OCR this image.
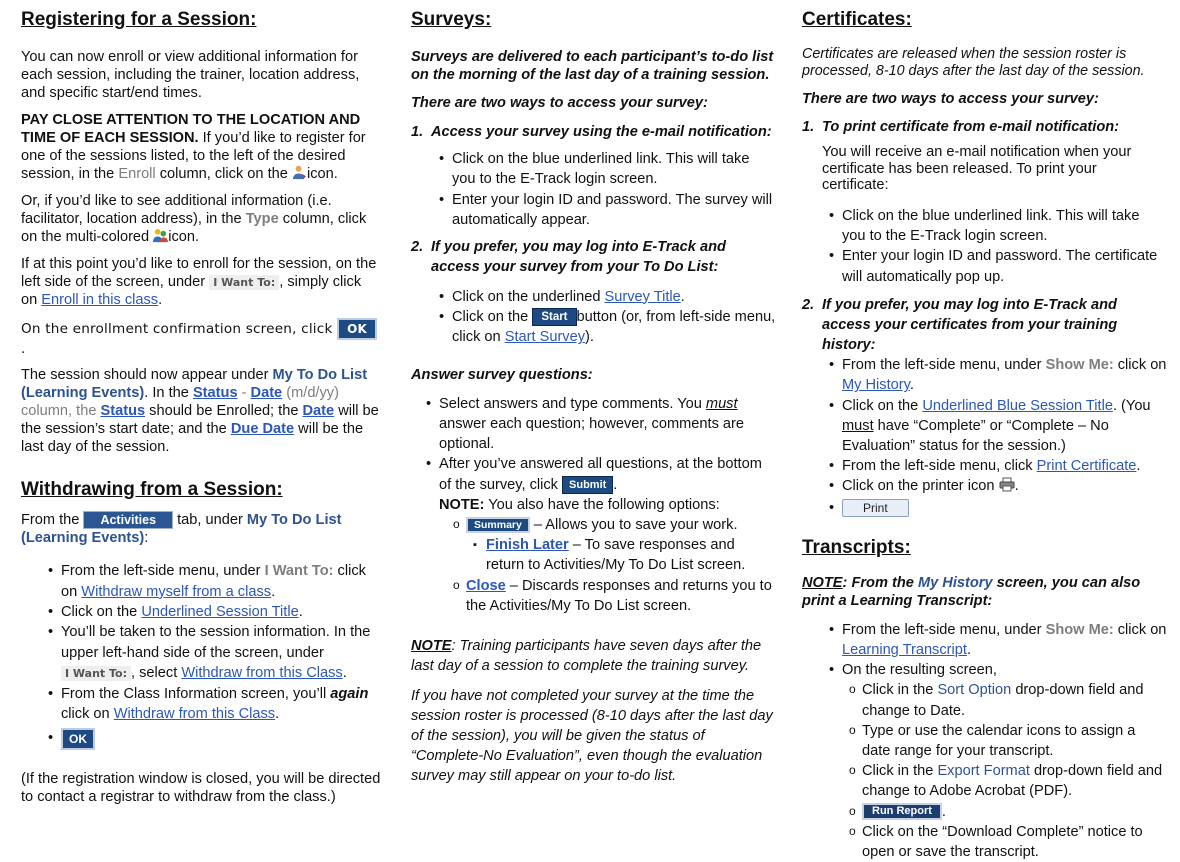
Registering for a Session:

You can now enroll or view additional information for each session, including the trainer, location address, and specific start/end times.

PAY CLOSE ATTENTION TO THE LOCATION AND TIME OF EACH SESSION. If you’d like to register for one of the sessions listed, to the left of the desired session, in the Enroll column, click on the icon.

Or, if you’d like to see additional information (i.e. facilitator, location address), in the Type column, click on the multi-colored icon.

If at this point you’d like to enroll for the session, on the left side of the screen, under I Want To: , simply click on Enroll in this class.

On the enrollment confirmation screen, click OK.

The session should now appear under My To Do List (Learning Events). In the Status - Date (m/d/yy) column, the Status should be Enrolled; the Date will be the session’s start date; and the Due Date will be the last day of the session.

Withdrawing from a Session:

From the Activities tab, under My To Do List (Learning Events):

• From the left-side menu, under I Want To: click on Withdraw myself from a class.
• Click on the Underlined Session Title.
• You’ll be taken to the session information. In the upper left-hand side of the screen, under I Want To: , select Withdraw from this Class.
• From the Class Information screen, you’ll again click on Withdraw from this Class.
• OK

(If the registration window is closed, you will be directed to contact a registrar to withdraw from the class.)

Surveys:

Surveys are delivered to each participant’s to-do list on the morning of the last day of a training session.

There are two ways to access your survey:

1. Access your survey using the e-mail notification:

• Click on the blue underlined link. This will take you to the E-Track login screen.
• Enter your login ID and password. The survey will automatically appear.

2. If you prefer, you may log into E-Track and access your survey from your To Do List:

• Click on the underlined Survey Title.
• Click on the Start button (or, from left-side menu, click on Start Survey).

Answer survey questions:

• Select answers and type comments. You must answer each question; however, comments are optional.
• After you’ve answered all questions, at the bottom of the survey, click Submit .
NOTE: You also have the following options:
o Summary – Allows you to save your work.
▪ Finish Later – To save responses and return to Activities/My To Do List screen.
o Close – Discards responses and returns you to the Activities/My To Do List screen.

NOTE: Training participants have seven days after the last day of a session to complete the training survey.

If you have not completed your survey at the time the session roster is processed (8-10 days after the last day of the session), you will be given the status of “Complete-No Evaluation”, even though the evaluation survey may still appear on your to-do list.

Certificates:

Certificates are released when the session roster is processed, 8-10 days after the last day of the session.

There are two ways to access your survey:

1. To print certificate from e-mail notification:

You will receive an e-mail notification when your certificate has been released. To print your certificate:

• Click on the blue underlined link. This will take you to the E-Track login screen.
• Enter your login ID and password. The certificate will automatically pop up.

2. If you prefer, you may log into E-Track and access your certificates from your training history:

• From the left-side menu, under Show Me: click on My History.
• Click on the Underlined Blue Session Title. (You must have “Complete” or “Complete – No Evaluation” status for the session.)
• From the left-side menu, click Print Certificate.
• Click on the printer icon .
• Print
Transcripts:

NOTE: From the My History screen, you can also print a Learning Transcript:

• From the left-side menu, under Show Me: click on Learning Transcript.
• On the resulting screen,
o Click in the Sort Option drop-down field and change to Date.
o Type or use the calendar icons to assign a date range for your transcript.
o Click in the Export Format drop-down field and change to Adobe Acrobat (PDF).
o Run Report .
o Click on the “Download Complete” notice to open or save the transcript.
